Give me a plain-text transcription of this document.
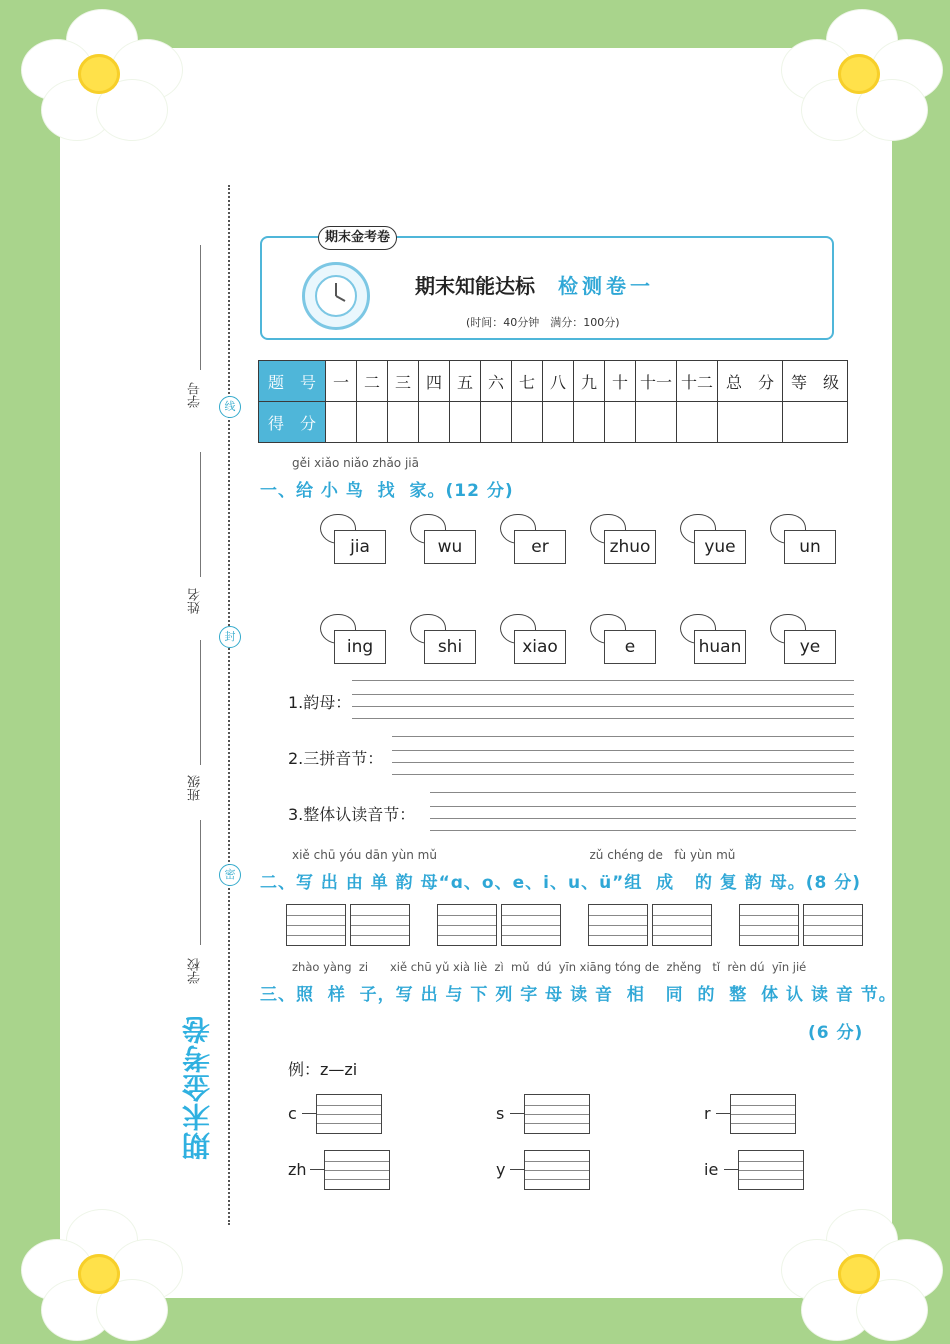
学号
姓名
班级
学校
线
封
密
期末金考卷
期末金考卷
期末知能达标 检测卷一
(时间：40分钟　满分：100分)
题　号	一	二	三	四	五	六	七	八	九	十	十一	十二	总　分	等　级
得　分														
gěi xiǎo niǎo zhǎo jiā
一、给 小 鸟  找  家。(12 分)
jia	wu	er	zhuo	yue	un
ing	shi	xiao	e	huan	ye
1.韵母：
2.三拼音节：
3.整体认读音节：
xiě chū yóu dān yùn mǔ                                        zǔ chéng de   fù yùn mǔ
二、写 出 由 单 韵 母“ɑ、o、e、i、u、ü”组  成   的 复 韵 母。(8 分)
zhào yàng  zi      xiě chū yǔ xià liè  zì  mǔ  dú  yīn xiāng tóng de  zhěng   tǐ  rèn dú  yīn jié
三、照  样  子，写 出 与 下 列 字 母 读 音  相   同  的  整  体 认 读 音 节。
(6 分)
例：z—zi
c	s	r
zh	y	ie
